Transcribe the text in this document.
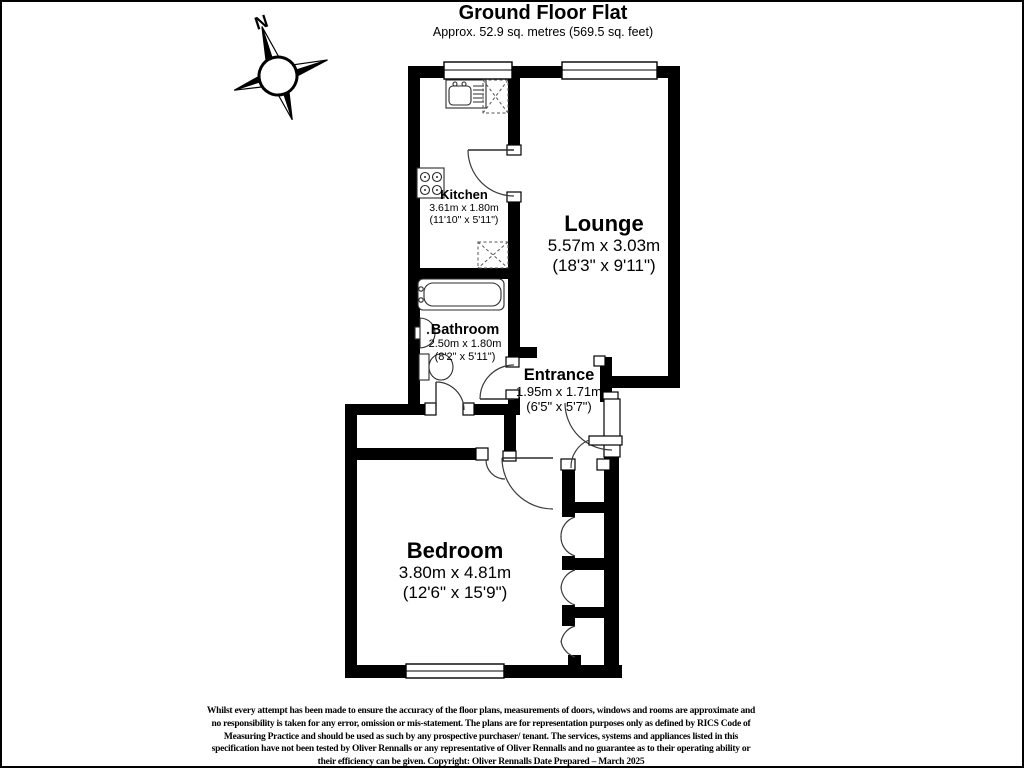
Ground Floor Flat
Approx. 52.9 sq. metres (569.5 sq. feet)
N
Kitchen
3.61m x 1.80m
(11'10" x 5'11")	Lounge
5.57m x 3.03m
(18'3" x 9'11")
Bathroom
2.50m x 1.80m
(8'2" x 5'11")
Entrance
1.95m x 1.71m
(6'5" x 5'7")
Bedroom
3.80m x 4.81m
(12'6" x 15'9")
Whilst every attempt has been made to ensure the accuracy of the floor plans, measurements of doors, windows and rooms are approximate and
no responsibility is taken for any error, omission or mis-statement. The plans are for representation purposes only as defined by RICS Code of
Measuring Practice and should be used as such by any prospective purchaser/ tenant. The services, systems and appliances listed in this
specification have not been tested by Oliver Rennalls or any representative of Oliver Rennalls and no guarantee as to their operating ability or
their efficiency can be given. Copyright: Oliver Rennalls Date Prepared – March 2025
